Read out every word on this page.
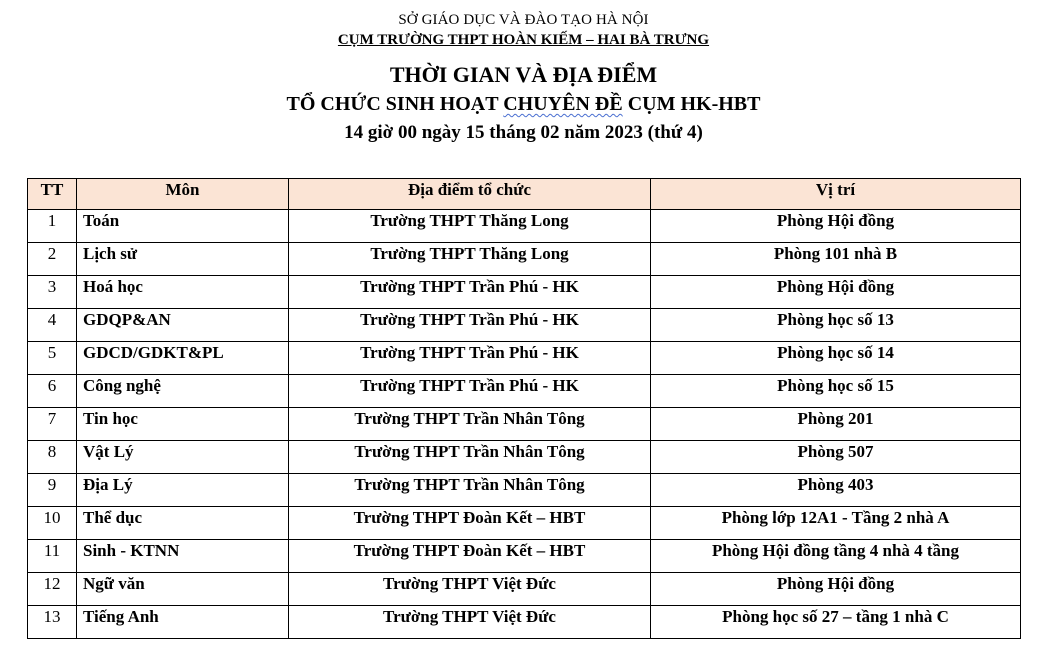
SỞ GIÁO DỤC VÀ ĐÀO TẠO HÀ NỘI
CỤM TRƯỜNG THPT HOÀN KIẾM – HAI BÀ TRƯNG
THỜI GIAN VÀ ĐỊA ĐIỂM
TỔ CHỨC SINH HOẠT CHUYÊN ĐỀ CỤM HK-HBT
14 giờ 00 ngày 15 tháng 02 năm 2023 (thứ 4)
TT	Môn	Địa điểm tổ chức	Vị trí
1	Toán	Trường THPT Thăng Long	Phòng Hội đồng
2	Lịch sử	Trường THPT Thăng Long	Phòng 101 nhà B
3	Hoá học	Trường THPT Trần Phú - HK	Phòng Hội đồng
4	GDQP&AN	Trường THPT Trần Phú - HK	Phòng học số 13
5	GDCD/GDKT&PL	Trường THPT Trần Phú - HK	Phòng học số 14
6	Công nghệ	Trường THPT Trần Phú - HK	Phòng học số 15
7	Tin học	Trường THPT Trần Nhân Tông	Phòng 201
8	Vật Lý	Trường THPT Trần Nhân Tông	Phòng 507
9	Địa Lý	Trường THPT Trần Nhân Tông	Phòng 403
10	Thể dục	Trường THPT Đoàn Kết – HBT	Phòng lớp 12A1 - Tầng 2 nhà A
11	Sinh - KTNN	Trường THPT Đoàn Kết – HBT	Phòng Hội đồng tầng 4 nhà 4 tầng
12	Ngữ văn	Trường THPT Việt Đức	Phòng Hội đồng
13	Tiếng Anh	Trường THPT Việt Đức	Phòng học số 27 – tầng 1 nhà C
